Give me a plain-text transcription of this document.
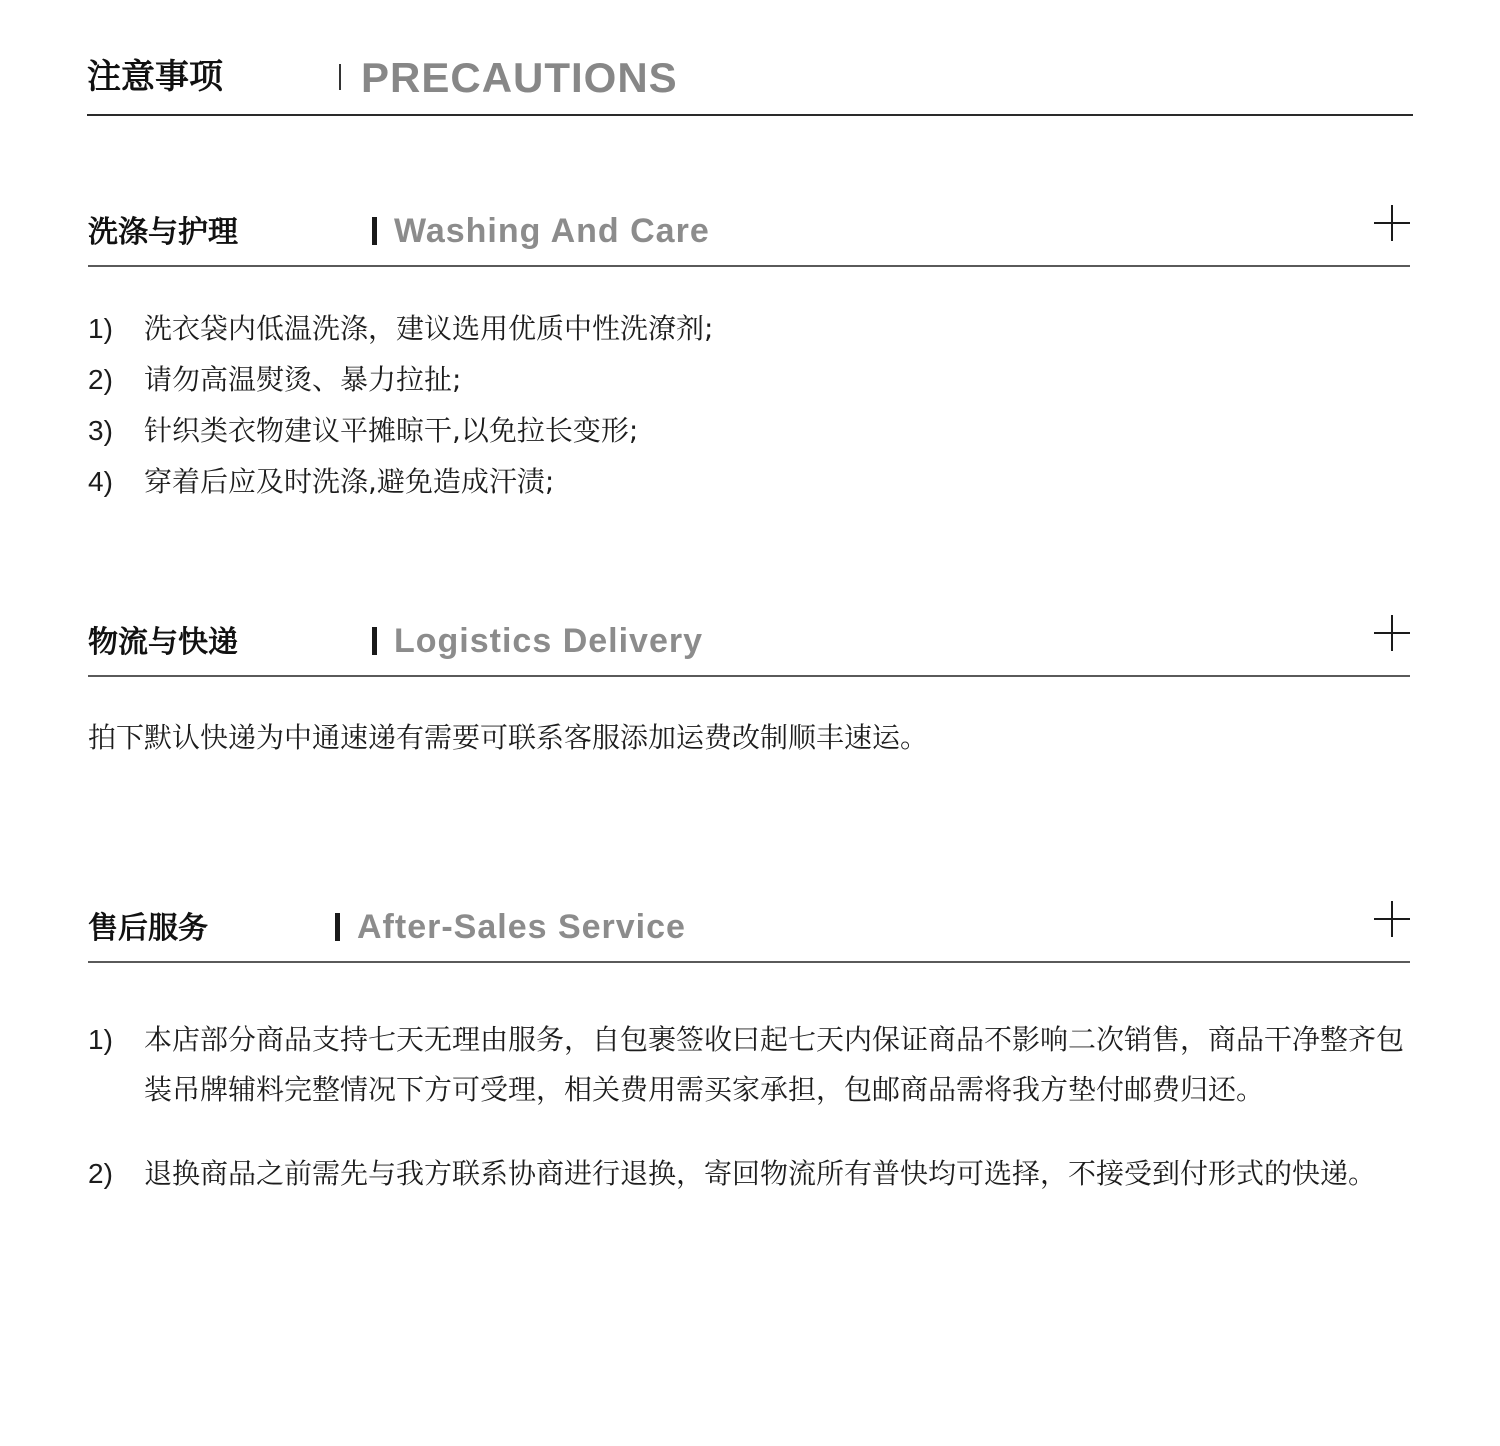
注意事项	PRECAUTIONS
洗涤与护理	Washing And Care
1) 洗衣袋内低温洗涤，建议选用优质中性洗潦剂;
2) 请勿高温熨烫、暴力拉扯;
3) 针织类衣物建议平摊晾干,以免拉长变形;
4) 穿着后应及时洗涤,避免造成汗渍;
物流与快递	Logistics Delivery
拍下默认快递为中通速递有需要可联系客服添加运费改制顺丰速运。
售后服务	After-Sales Service
1) 本店部分商品支持七天无理由服务，自包裹签收曰起七天内保证商品不影响二次销售，商品干净整齐包装吊牌辅料完整情况下方可受理，相关费用需买家承担，包邮商品需将我方垫付邮费归还。
2) 退换商品之前需先与我方联系协商进行退换，寄回物流所有普快均可选择，不接受到付形式的快递。
